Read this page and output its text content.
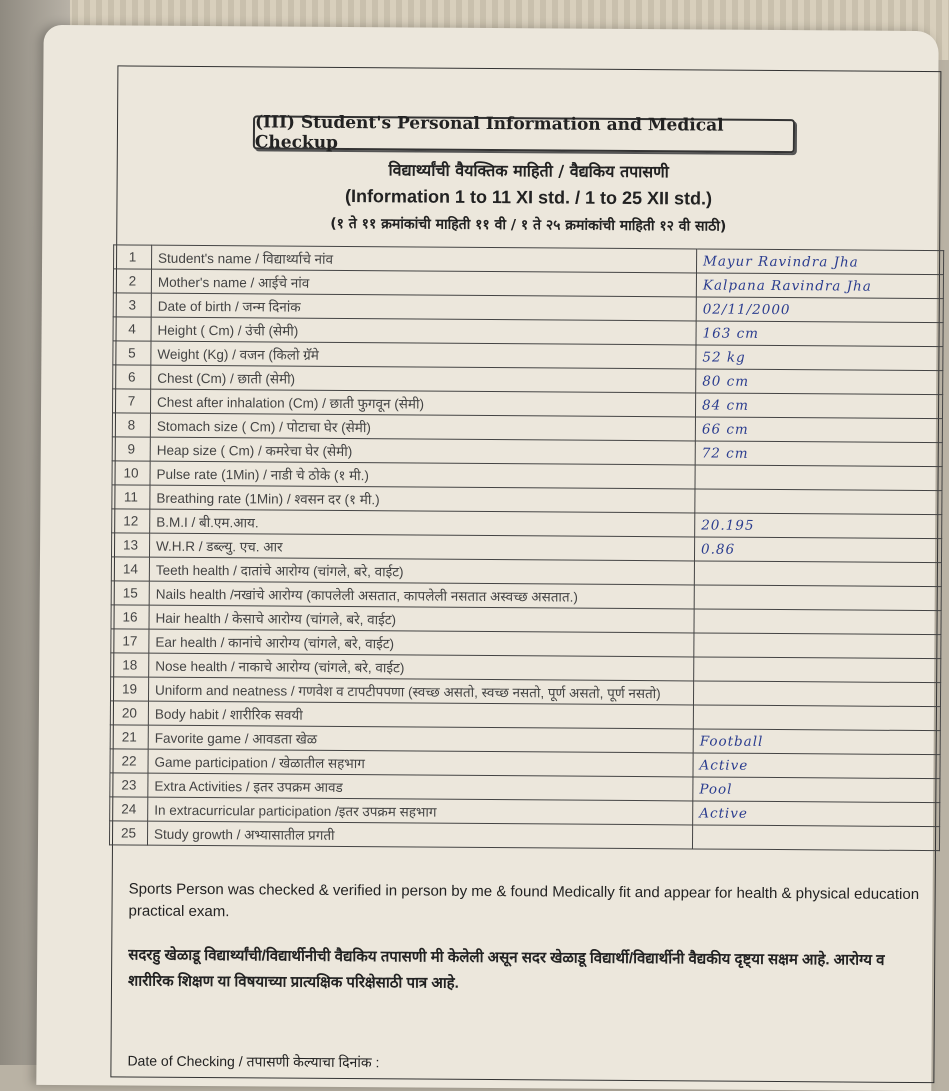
(III) Student's Personal Information and Medical Checkup
विद्यार्थ्यांची वैयक्तिक माहिती / वैद्यकिय तपासणी
(Information 1 to 11 XI std. / 1 to 25 XII std.)
(१ ते ११ क्रमांकांची माहिती ११ वी / १ ते २५ क्रमांकांची माहिती १२ वी साठी)
1	Student's name / विद्यार्थ्याचे नांव	Mayur Ravindra Jha
2	Mother's name / आईचे नांव	Kalpana Ravindra Jha
3	Date of birth / जन्म दिनांक	02/11/2000
4	Height ( Cm) / उंची (सेमी)	163 cm
5	Weight (Kg) / वजन (किलो ग्रॅमे	52 kg
6	Chest (Cm) / छाती (सेमी)	80 cm
7	Chest after inhalation (Cm) / छाती फुगवून (सेमी)	84 cm
8	Stomach size ( Cm) / पोटाचा घेर (सेमी)	66 cm
9	Heap size ( Cm) / कमरेचा घेर (सेमी)	72 cm
10	Pulse rate (1Min) / नाडी चे ठोके (१ मी.)	
11	Breathing rate (1Min) / श्वसन दर (१ मी.)	
12	B.M.I / बी.एम.आय.	20.195
13	W.H.R / डब्ल्यु. एच. आर	0.86
14	Teeth health / दातांचे आरोग्य (चांगले, बरे, वाईट)	
15	Nails health /नखांचे आरोग्य (कापलेली असतात, कापलेली नसतात अस्वच्छ असतात.)	
16	Hair health / केसाचे आरोग्य (चांगले, बरे, वाईट)	
17	Ear health / कानांचे आरोग्य (चांगले, बरे, वाईट)	
18	Nose health / नाकाचे आरोग्य (चांगले, बरे, वाईट)	
19	Uniform and neatness / गणवेश व टापटीपपणा (स्वच्छ असतो, स्वच्छ नसतो, पूर्ण असतो, पूर्ण नसतो)	
20	Body habit / शारीरिक सवयी	
21	Favorite game / आवडता खेळ	Football
22	Game participation / खेळातील सहभाग	Active
23	Extra Activities / इतर उपक्रम आवड	Pool
24	In extracurricular participation /इतर उपक्रम सहभाग	Active
25	Study growth / अभ्यासातील प्रगती	
Sports Person was checked & verified in person by me & found Medically fit and appear for health & physical education practical exam.
सदरहु खेळाडू विद्यार्थ्यांची/विद्यार्थीनीची वैद्यकिय तपासणी मी केलेली असून सदर खेळाडू विद्यार्थी/विद्यार्थीनी वैद्यकीय दृष्ट्या सक्षम आहे. आरोग्य व शारीरिक शिक्षण या विषयाच्या प्रात्यक्षिक परिक्षेसाठी पात्र आहे.
Date of Checking / तपासणी केल्याचा दिनांक :
